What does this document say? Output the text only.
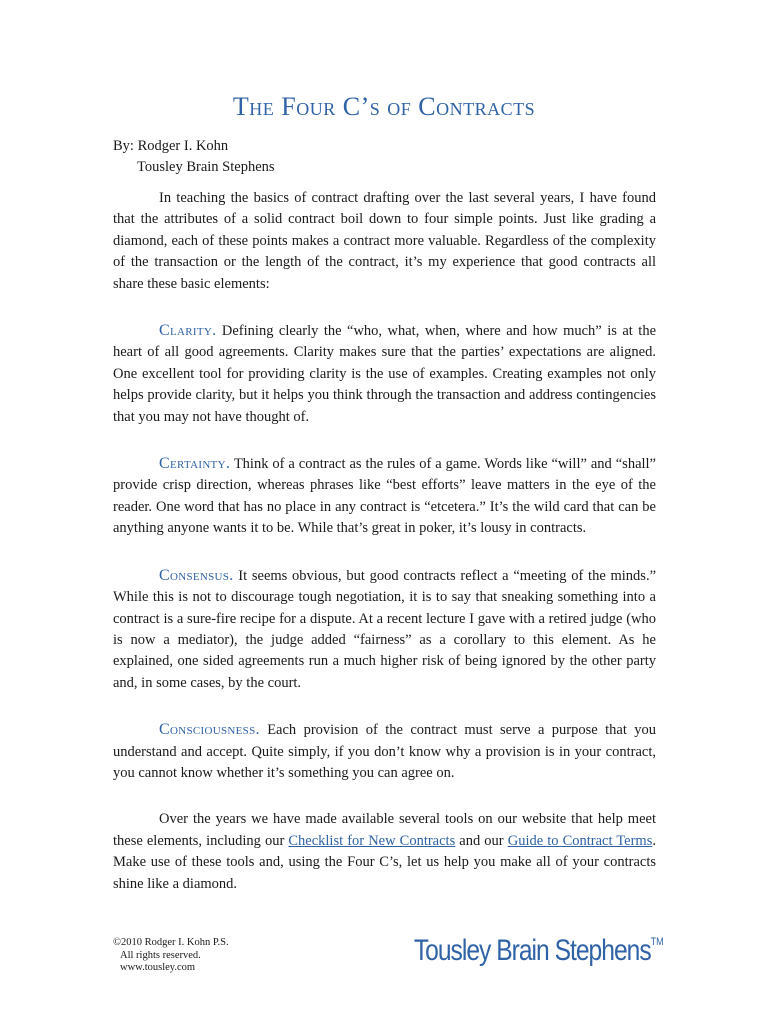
The Four C’s of Contracts
By: Rodger I. Kohn
Tousley Brain Stephens

In teaching the basics of contract drafting over the last several years, I have found that the attributes of a solid contract boil down to four simple points. Just like grading a diamond, each of these points makes a contract more valuable. Regardless of the complexity of the transaction or the length of the contract, it’s my experience that good contracts all share these basic elements:

Clarity. Defining clearly the “who, what, when, where and how much” is at the heart of all good agreements. Clarity makes sure that the parties’ expectations are aligned. One excellent tool for providing clarity is the use of examples. Creating examples not only helps provide clarity, but it helps you think through the transaction and address contingencies that you may not have thought of.

Certainty. Think of a contract as the rules of a game. Words like “will” and “shall” provide crisp direction, whereas phrases like “best efforts” leave matters in the eye of the reader. One word that has no place in any contract is “etcetera.” It’s the wild card that can be anything anyone wants it to be. While that’s great in poker, it’s lousy in contracts.

Consensus. It seems obvious, but good contracts reflect a “meeting of the minds.” While this is not to discourage tough negotiation, it is to say that sneaking something into a contract is a sure-fire recipe for a dispute. At a recent lecture I gave with a retired judge (who is now a mediator), the judge added “fairness” as a corollary to this element. As he explained, one sided agreements run a much higher risk of being ignored by the other party and, in some cases, by the court.

Consciousness. Each provision of the contract must serve a purpose that you understand and accept. Quite simply, if you don’t know why a provision is in your contract, you cannot know whether it’s something you can agree on.

Over the years we have made available several tools on our website that help meet these elements, including our Checklist for New Contracts and our Guide to Contract Terms. Make use of these tools and, using the Four C’s, let us help you make all of your contracts shine like a diamond.

©2010 Rodger I. Kohn P.S.
All rights reserved.
www.tousley.com
Tousley Brain Stephens™
